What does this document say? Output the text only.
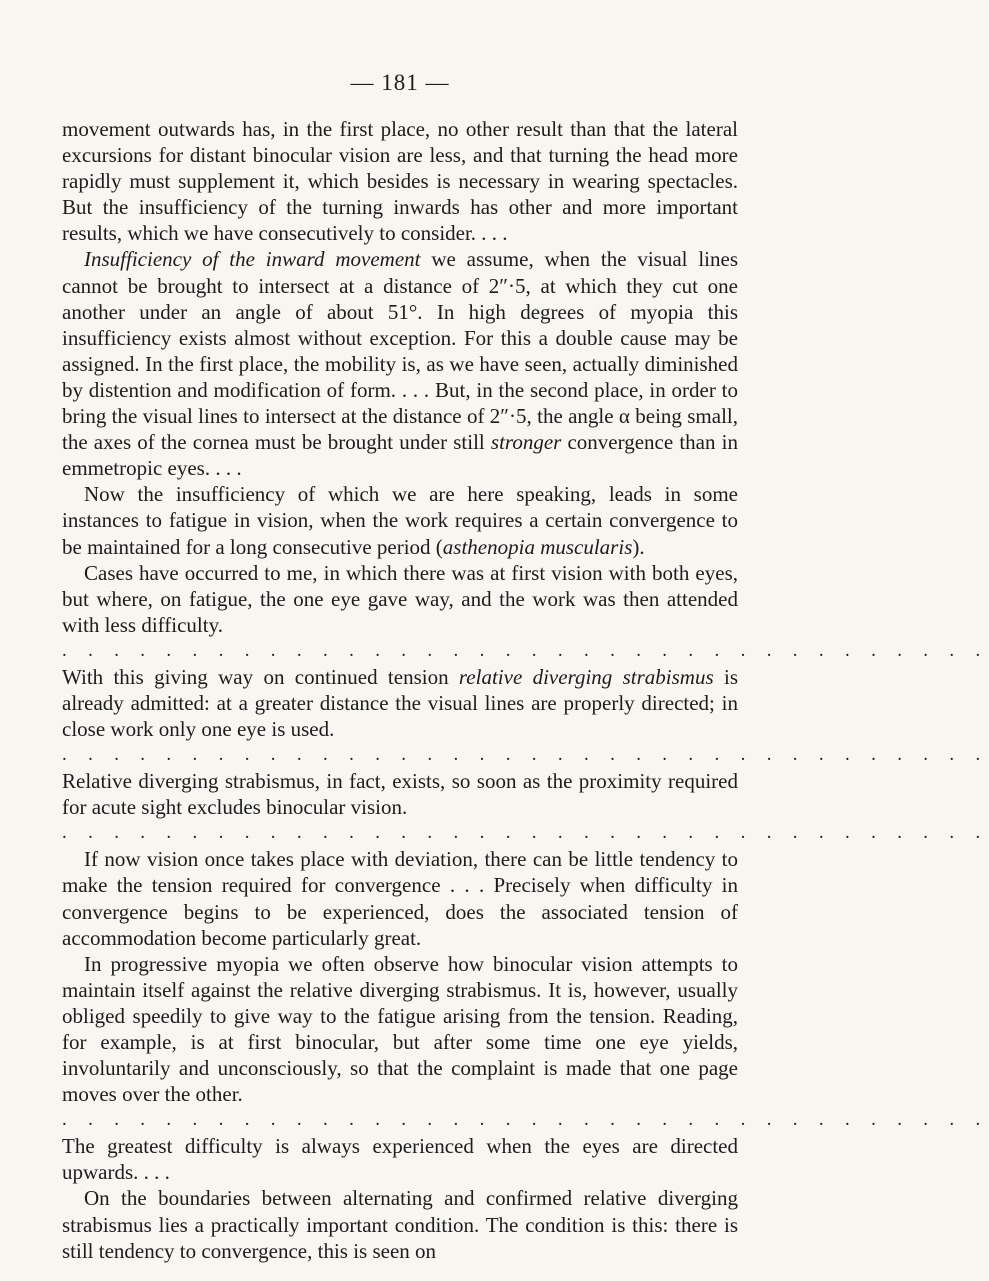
— 181 —

movement outwards has, in the first place, no other result than that the lateral excursions for distant binocular vision are less, and that turning the head more rapidly must supplement it, which besides is necessary in wearing spectacles. But the insufficiency of the turning inwards has other and more important results, which we have consecutively to consider. . . .

Insufficiency of the inward movement we assume, when the visual lines cannot be brought to intersect at a distance of 2″·5, at which they cut one another under an angle of about 51°. In high degrees of myopia this insufficiency exists almost without exception. For this a double cause may be assigned. In the first place, the mobility is, as we have seen, actually diminished by distention and modification of form. . . . But, in the second place, in order to bring the visual lines to intersect at the distance of 2″·5, the angle α being small, the axes of the cornea must be brought under still stronger convergence than in emmetropic eyes. . . .

Now the insufficiency of which we are here speaking, leads in some instances to fatigue in vision, when the work requires a certain convergence to be maintained for a long consecutive period (asthenopia muscularis).

Cases have occurred to me, in which there was at first vision with both eyes, but where, on fatigue, the one eye gave way, and the work was then attended with less difficulty.

. . . . . . . . . . . . . . . . . . . . . . . . . . . . . . . . . . . .

With this giving way on continued tension relative diverging strabismus is already admitted: at a greater distance the visual lines are properly directed; in close work only one eye is used.

. . . . . . . . . . . . . . . . . . . . . . . . . . . . . . . . . . . .

Relative diverging strabismus, in fact, exists, so soon as the proximity required for acute sight excludes binocular vision.

. . . . . . . . . . . . . . . . . . . . . . . . . . . . . . . . . . . .

If now vision once takes place with deviation, there can be little tendency to make the tension required for convergence . . . Precisely when difficulty in convergence begins to be experienced, does the associated tension of accommodation become particularly great.

In progressive myopia we often observe how binocular vision attempts to maintain itself against the relative diverging strabismus. It is, however, usually obliged speedily to give way to the fatigue arising from the tension. Reading, for example, is at first binocular, but after some time one eye yields, involuntarily and unconsciously, so that the complaint is made that one page moves over the other.

. . . . . . . . . . . . . . . . . . . . . . . . . . . . . . . . . . . .

The greatest difficulty is always experienced when the eyes are directed upwards. . . .

On the boundaries between alternating and confirmed relative diverging strabismus lies a practically important condition. The condition is this: there is still tendency to convergence, this is seen on
